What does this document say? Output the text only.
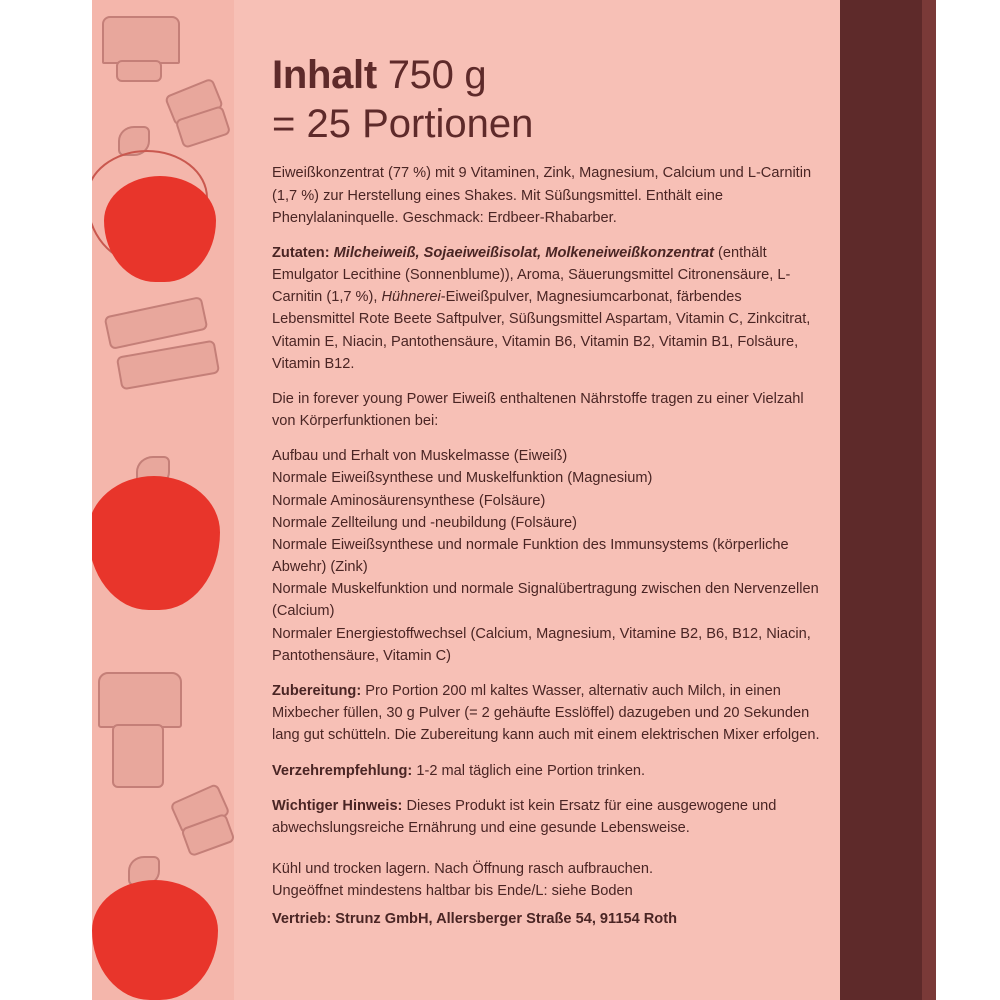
Inhalt 750 g
= 25 Portionen

Eiweißkonzentrat (77 %) mit 9 Vitaminen, Zink, Magnesium, Calcium und L-Carnitin (1,7 %) zur Herstellung eines Shakes. Mit Süßungsmittel. Enthält eine Phenylalaninquelle. Geschmack: Erdbeer-Rhabarber.

Zutaten: Milcheiweiß, Sojaeiweißisolat, Molkeneiweißkonzentrat (enthält Emulgator Lecithine (Sonnenblume)), Aroma, Säuerungsmittel Citronensäure, L-Carnitin (1,7 %), Hühnerei-Eiweißpulver, Magnesiumcarbonat, färbendes Lebensmittel Rote Beete Saftpulver, Süßungsmittel Aspartam, Vitamin C, Zinkcitrat, Vitamin E, Niacin, Pantothensäure, Vitamin B6, Vitamin B2, Vitamin B1, Folsäure, Vitamin B12.

Die in forever young Power Eiweiß enthaltenen Nährstoffe tragen zu einer Vielzahl von Körperfunktionen bei:

Aufbau und Erhalt von Muskelmasse (Eiweiß)
Normale Eiweißsynthese und Muskelfunktion (Magnesium)
Normale Aminosäurensynthese (Folsäure)
Normale Zellteilung und -neubildung (Folsäure)
Normale Eiweißsynthese und normale Funktion des Immunsystems (körperliche Abwehr) (Zink)
Normale Muskelfunktion und normale Signalübertragung zwischen den Nervenzellen (Calcium)
Normaler Energiestoffwechsel (Calcium, Magnesium, Vitamine B2, B6, B12, Niacin, Pantothensäure, Vitamin C)

Zubereitung: Pro Portion 200 ml kaltes Wasser, alternativ auch Milch, in einen Mixbecher füllen, 30 g Pulver (= 2 gehäufte Esslöffel) dazugeben und 20 Sekunden lang gut schütteln. Die Zubereitung kann auch mit einem elektrischen Mixer erfolgen.

Verzehrempfehlung: 1-2 mal täglich eine Portion trinken.

Wichtiger Hinweis: Dieses Produkt ist kein Ersatz für eine ausgewogene und abwechslungsreiche Ernährung und eine gesunde Lebensweise.

Kühl und trocken lagern. Nach Öffnung rasch aufbrauchen.
Ungeöffnet mindestens haltbar bis Ende/L: siehe Boden

Vertrieb: Strunz GmbH, Allersberger Straße 54, 91154 Roth
